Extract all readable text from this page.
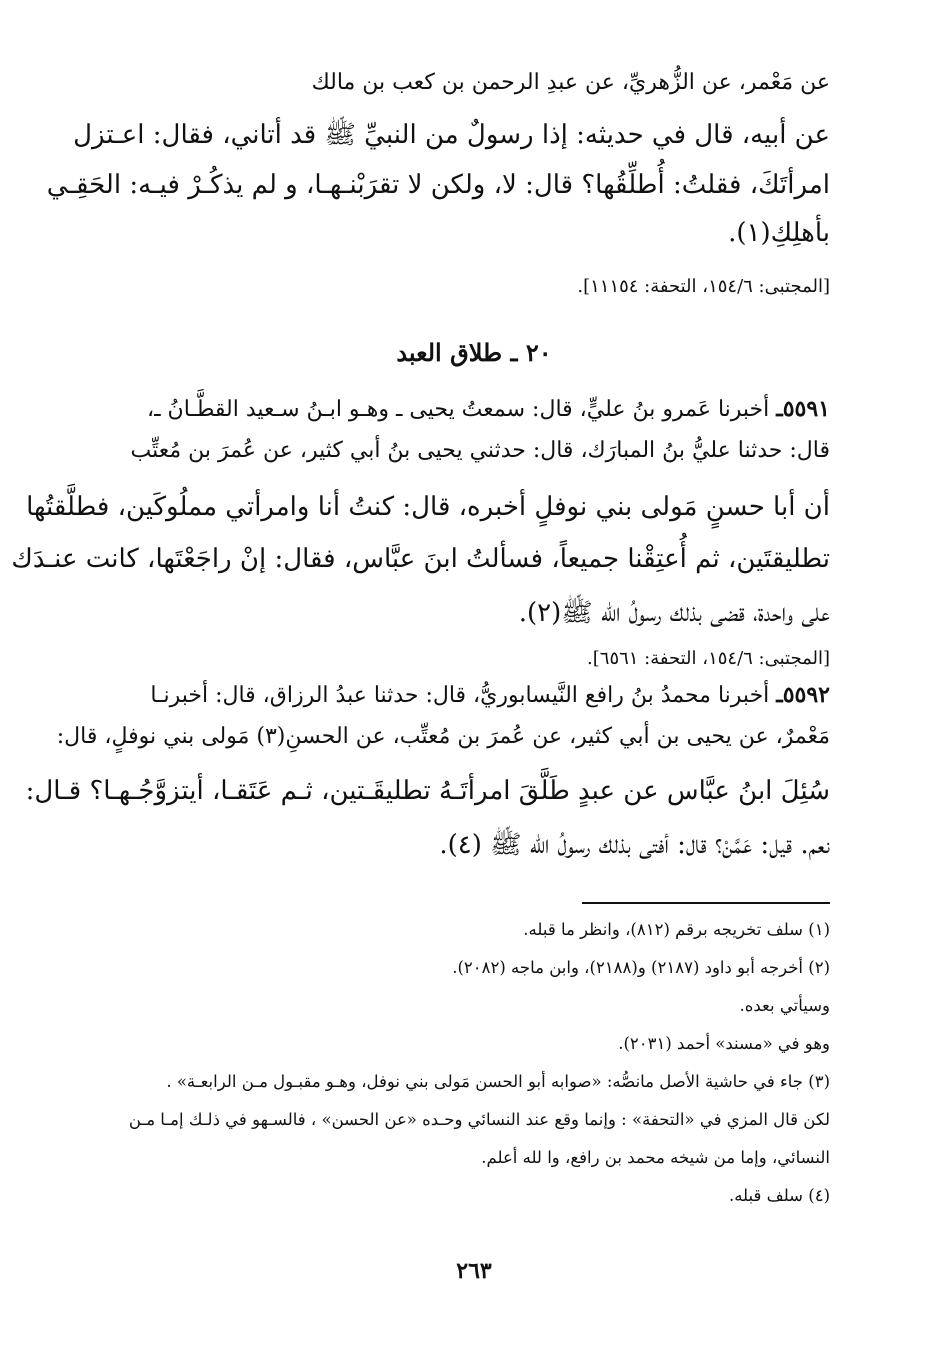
عن مَعْمر، عن الزُّهريِّ، عن عبدِ الرحمن بن كعب بن مالك
عن أبيه، قال في حديثه: إذا رسولٌ من النبيِّ ﷺ قد أتاني، فقال: اعـتزل
امرأتَكَ، فقلتُ: أُطلِّقُها؟ قال: لا، ولكن لا تقرَبْنـهـا، و لم يذكُـرْ فيـه: الحَقِـي
بأهلِكِ(١).
[المجتبى: ١٥٤/٦، التحفة: ١١١٥٤].
٢٠ ـ طلاق العبد
٥٥٩١ـ أخبرنا عَمرو بنُ عليٍّ، قال: سمعتُ يحيى ـ وهـو ابـنُ سـعيد القطَّـانُ ـ،
قال: حدثنا عليُّ بنُ المبارَك، قال: حدثني يحيى بنُ أبي كثير، عن عُمرَ بن مُعتِّب
أن أبا حسنٍ مَولى بني نوفلٍ أخبره، قال: كنتُ أنا وامرأتي مملُوكَين، فطلَّقتُها
تطليقتَين، ثم أُعتِقْنا جميعاً، فسألتُ ابنَ عبَّاس، فقال: إنْ راجَعْتَها، كانت عنـدَك
على واحدة، قضى بذلك رسولُ الله ﷺ(٢).
[المجتبى: ١٥٤/٦، التحفة: ٦٥٦١].
٥٥٩٢ـ أخبرنا محمدُ بنُ رافع النَّيسابوريُّ، قال: حدثنا عبدُ الرزاق، قال: أخبرنـا
مَعْمرٌ، عن يحيى بن أبي كثير، عن عُمرَ بن مُعتِّب، عن الحسنِ(٣) مَولى بني نوفلٍ، قال:
سُئِلَ ابنُ عبَّاس عن عبدٍ طَلَّقَ امرأتَـهُ تطليقَـتين، ثـم عَتَقـا، أيتزوَّجُـهـا؟ قـال:
نعم. قيل: عَمَّنْ؟ قال: أفتى بذلك رسولُ الله ﷺ (٤).
(١) سلف تخريجه برقم (٨١٢)، وانظر ما قبله.
(٢) أخرجه أبو داود (٢١٨٧) و(٢١٨٨)، وابن ماجه (٢٠٨٢).
وسيأتي بعده.
وهو في «مسند» أحمد (٢٠٣١).
(٣) جاء في حاشية الأصل مانصُّه: «صوابه أبو الحسن مَولى بني نوفل، وهـو مقبـول مـن الرابعـة» .
لكن قال المزي في «التحفة» : وإنما وقع عند النسائي وحـده «عن الحسن» ، فالسـهو في ذلـك إمـا مـن
النسائي، وإما من شيخه محمد بن رافع، وا لله أعلم.
(٤) سلف قبله.
٢٦٣
